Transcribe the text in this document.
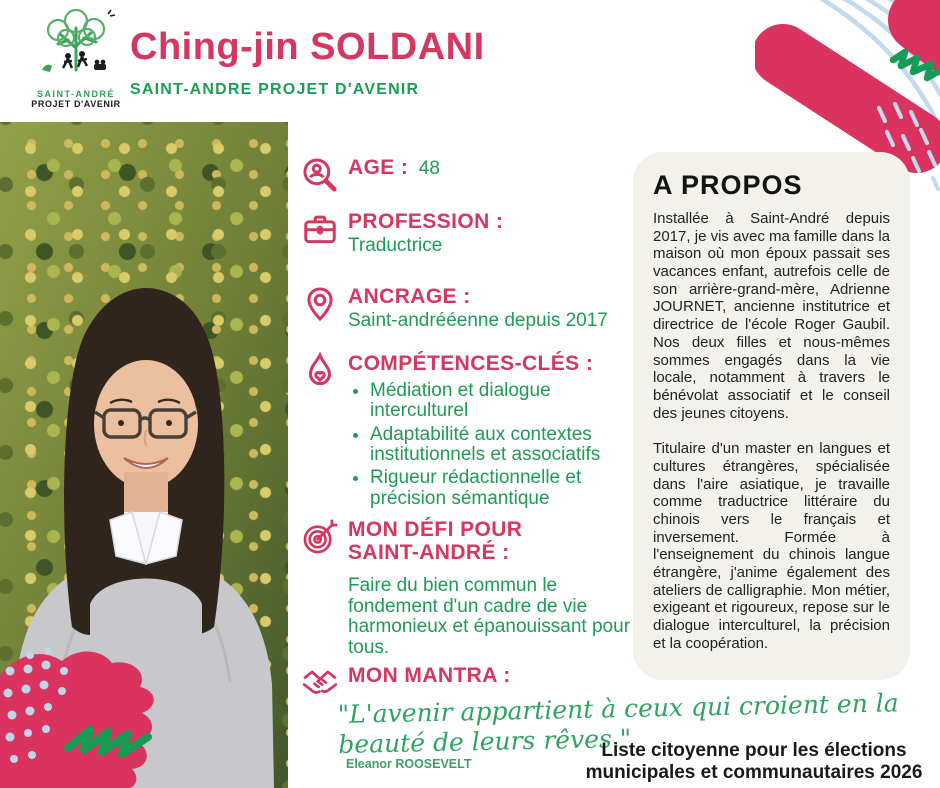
SAINT-ANDRÉ
PROJET D'AVENIR
Ching-jin SOLDANI
SAINT-ANDRE PROJET D'AVENIR
AGE : 48
PROFESSION :
Traductrice
ANCRAGE :
Saint-andrééenne depuis 2017
COMPÉTENCES-CLÉS :
• Médiation et dialogue interculturel
• Adaptabilité aux contextes institutionnels et associatifs
• Rigueur rédactionnelle et précision sémantique
MON DÉFI POUR
SAINT-ANDRÉ :
Faire du bien commun le fondement d'un cadre de vie harmonieux et épanouissant pour tous.
MON MANTRA :
A PROPOS

Installée à Saint-André depuis 2017, je vis avec ma famille dans la maison où mon époux passait ses vacances enfant, autrefois celle de son arrière-grand-mère, Adrienne JOURNET, ancienne institutrice et directrice de l'école Roger Gaubil. Nos deux filles et nous-mêmes sommes engagés dans la vie locale, notamment à travers le bénévolat associatif et le conseil des jeunes citoyens.

Titulaire d'un master en langues et cultures étrangères, spécialisée dans l'aire asiatique, je travaille comme traductrice littéraire du chinois vers le français et inversement. Formée à l'enseignement du chinois langue étrangère, j'anime également des ateliers de calligraphie. Mon métier, exigeant et rigoureux, repose sur le dialogue interculturel, la précision et la coopération.

"L'avenir appartient à ceux qui croient en la beauté de leurs rêves."
Eleanor ROOSEVELT
Liste citoyenne pour les élections municipales et communautaires 2026
